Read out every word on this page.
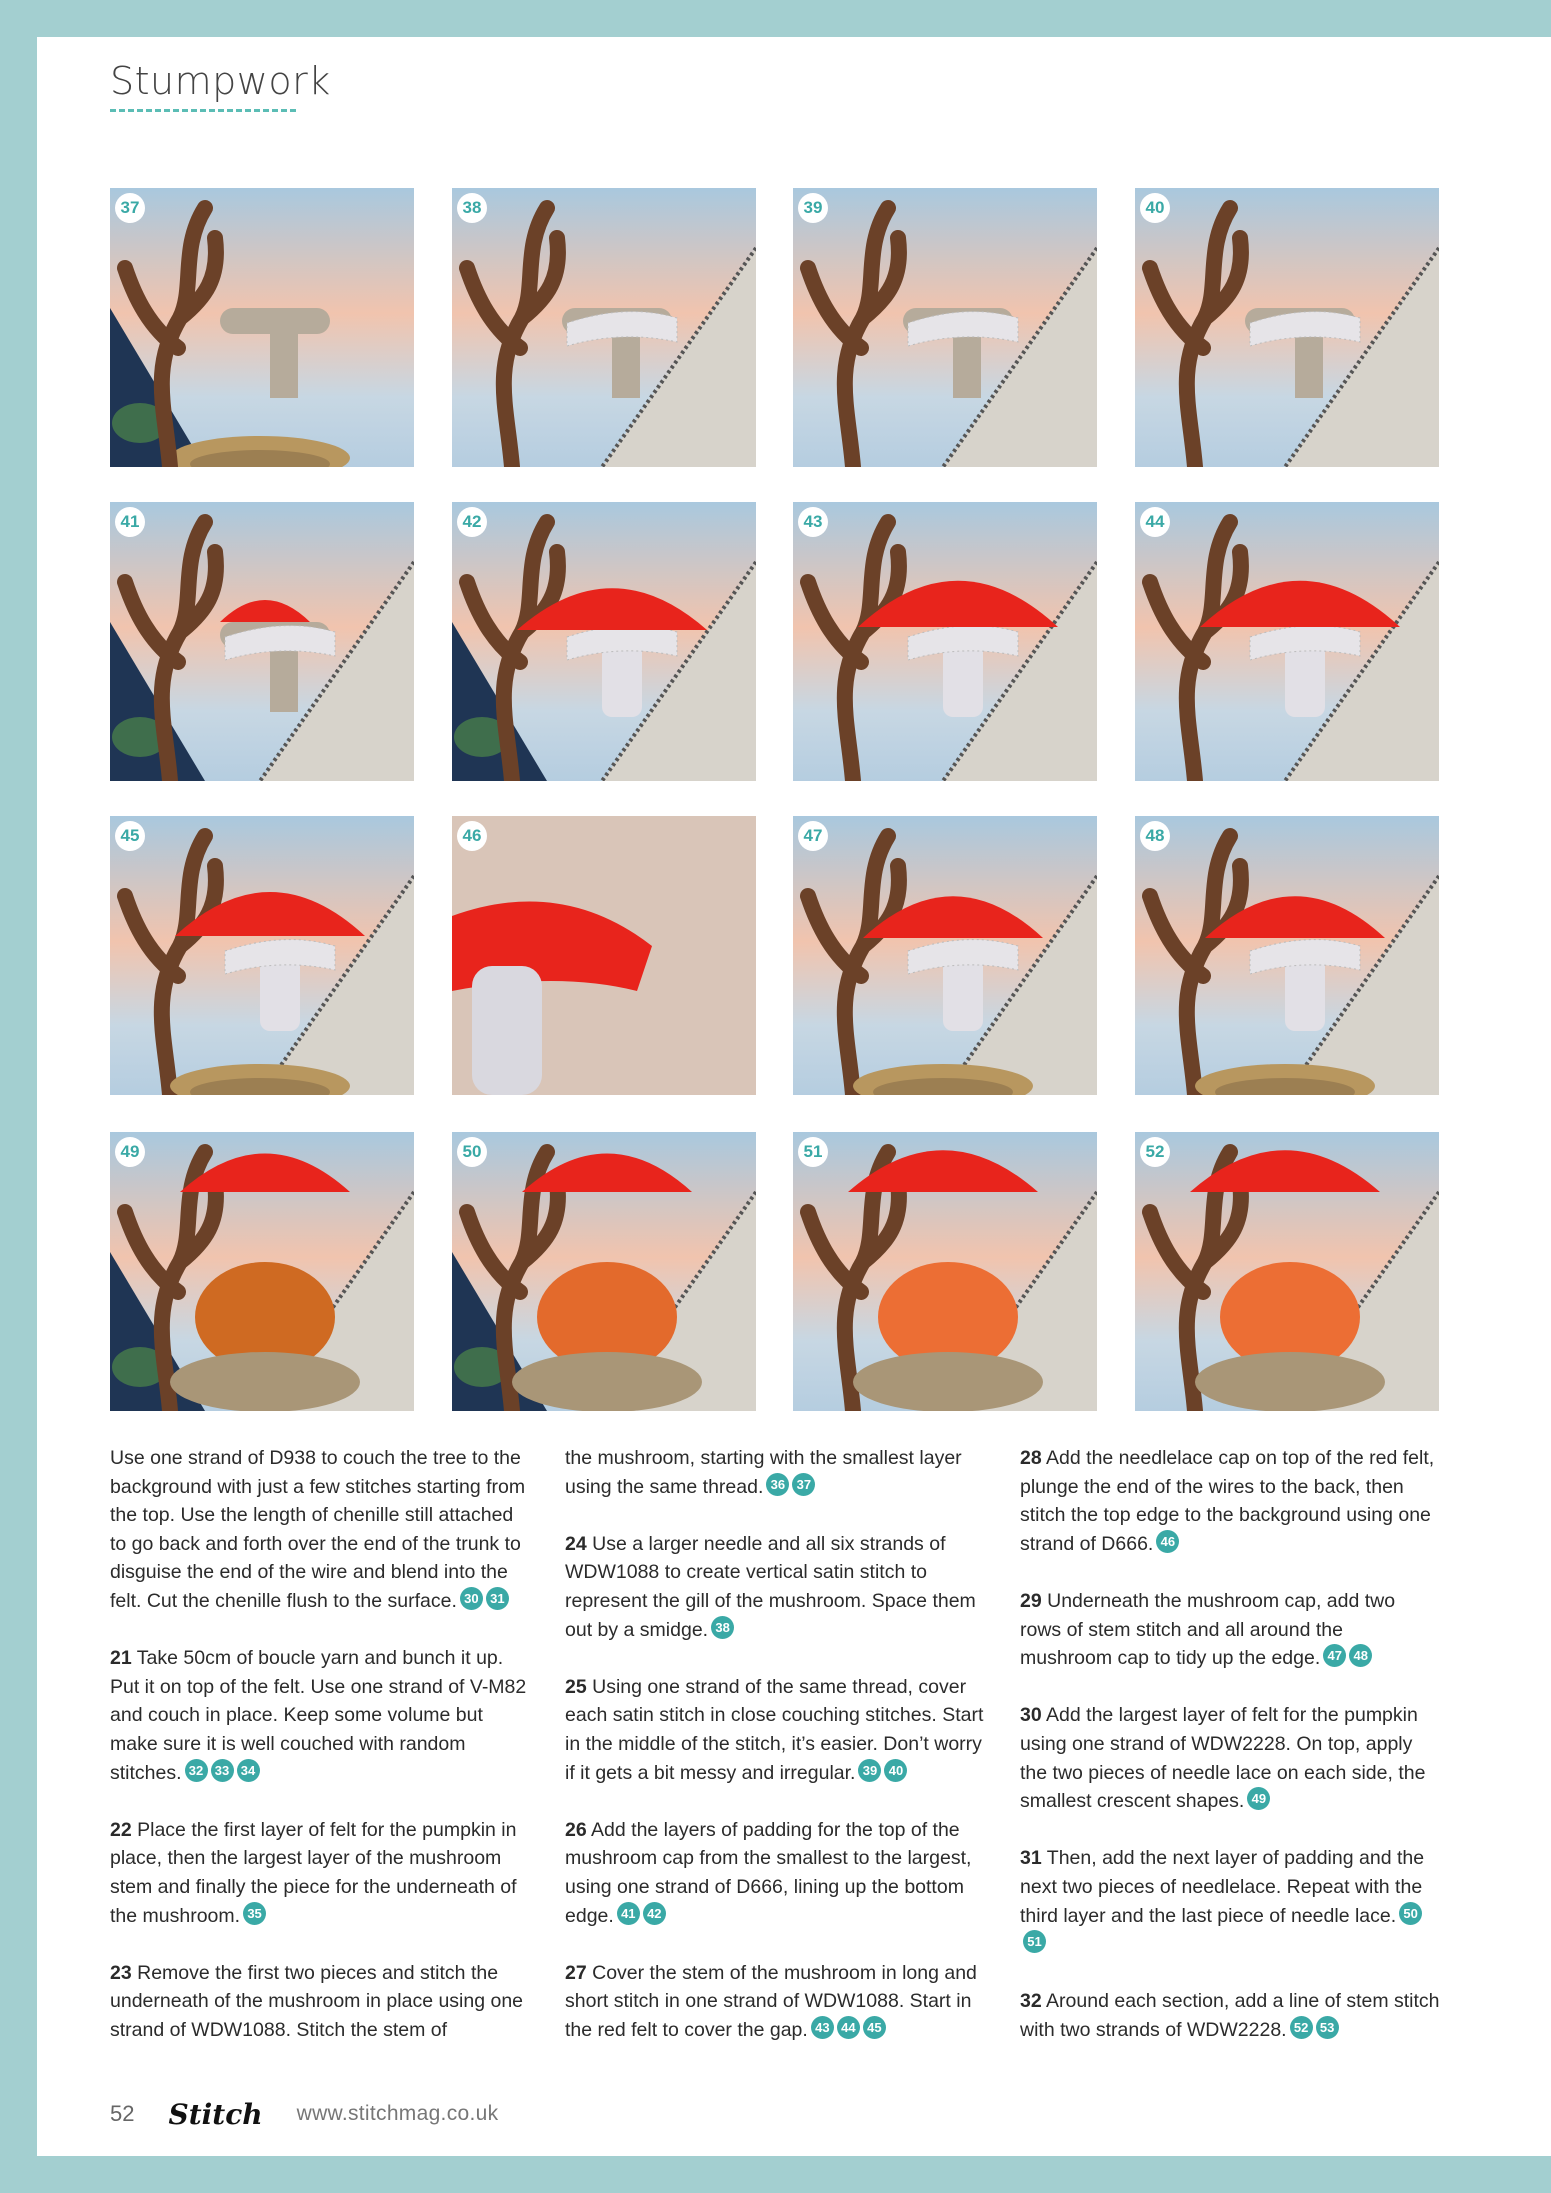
Stumpwork
37	38	39	40
41	42	43	44
45	46	47	48
49	50	51	52

Use one strand of D938 to couch the tree to the background with just a few stitches starting from the top. Use the length of chenille still attached to go back and forth over the end of the trunk to disguise the end of the wire and blend into the felt. Cut the chenille flush to the surface. 30 31

21 Take 50cm of boucle yarn and bunch it up. Put it on top of the felt. Use one strand of V-M82 and couch in place. Keep some volume but make sure it is well couched with random stitches. 32 33 34

22 Place the first layer of felt for the pumpkin in place, then the largest layer of the mushroom stem and finally the piece for the underneath of the mushroom. 35

23 Remove the first two pieces and stitch the underneath of the mushroom in place using one strand of WDW1088. Stitch the stem of

the mushroom, starting with the smallest layer using the same thread. 36 37

24 Use a larger needle and all six strands of WDW1088 to create vertical satin stitch to represent the gill of the mushroom. Space them out by a smidge. 38

25 Using one strand of the same thread, cover each satin stitch in close couching stitches. Start in the middle of the stitch, it’s easier. Don’t worry if it gets a bit messy and irregular. 39 40

26 Add the layers of padding for the top of the mushroom cap from the smallest to the largest, using one strand of D666, lining up the bottom edge. 41 42

27 Cover the stem of the mushroom in long and short stitch in one strand of WDW1088. Start in the red felt to cover the gap. 43 44 45

28 Add the needlelace cap on top of the red felt, plunge the end of the wires to the back, then stitch the top edge to the background using one strand of D666. 46

29 Underneath the mushroom cap, add two rows of stem stitch and all around the mushroom cap to tidy up the edge. 47 48

30 Add the largest layer of felt for the pumpkin using one strand of WDW2228. On top, apply the two pieces of needle lace on each side, the smallest crescent shapes. 49

31 Then, add the next layer of padding and the next two pieces of needlelace. Repeat with the third layer and the last piece of needle lace. 5051

32 Around each section, add a line of stem stitch with two strands of WDW2228. 52 53

52 Stitch www.stitchmag.co.uk
